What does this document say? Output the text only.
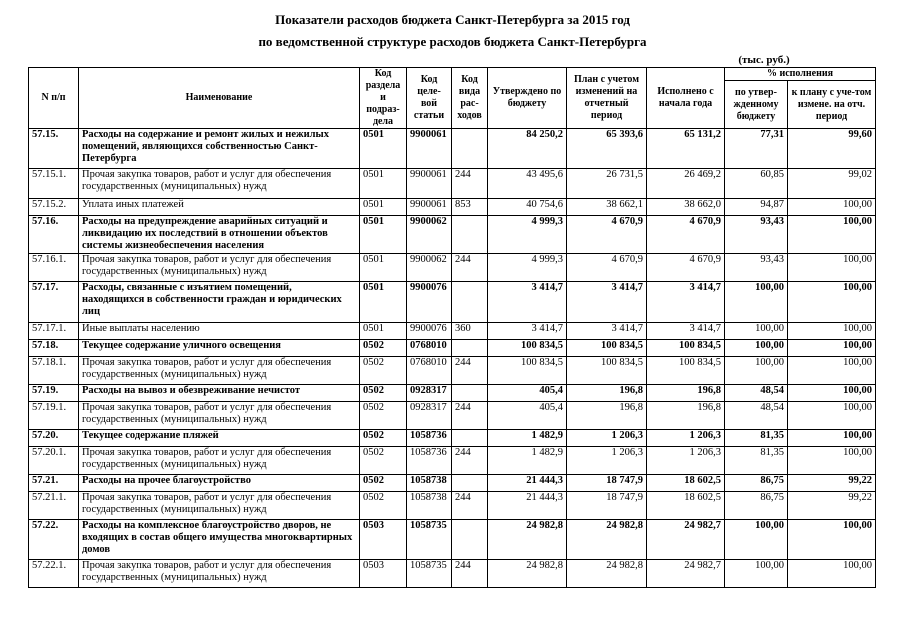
Показатели расходов бюджета Санкт-Петербурга за 2015 год
по ведомственной структуре расходов бюджета Санкт-Петербурга
(тыс. руб.)
N п/п	Наименование	Код раздела и подраз-дела	Код целе-вой статьи	Код вида рас-ходов	Утверждено по бюджету	План с учетом изменений на отчетный период	Исполнено с начала года	% исполнения	
								по утвер-жденному бюджету	к плану с уче-том измене. на отч. период
57.15.	Расходы на содержание и ремонт жилых и нежилых помещений, являющихся собственностью Санкт-Петербурга	0501	9900061		84 250,2	65 393,6	65 131,2	77,31	99,60
57.15.1.	Прочая закупка товаров, работ и услуг для обеспечения государственных (муниципальных) нужд	0501	9900061	244	43 495,6	26 731,5	26 469,2	60,85	99,02
57.15.2.	Уплата иных платежей	0501	9900061	853	40 754,6	38 662,1	38 662,0	94,87	100,00
57.16.	Расходы на предупреждение аварийных ситуаций и ликвидацию их последствий в отношении объектов системы жизнеобеспечения населения	0501	9900062		4 999,3	4 670,9	4 670,9	93,43	100,00
57.16.1.	Прочая закупка товаров, работ и услуг для обеспечения государственных (муниципальных) нужд	0501	9900062	244	4 999,3	4 670,9	4 670,9	93,43	100,00
57.17.	Расходы, связанные с изъятием помещений, находящихся в собственности граждан и юридических лиц	0501	9900076		3 414,7	3 414,7	3 414,7	100,00	100,00
57.17.1.	Иные выплаты населению	0501	9900076	360	3 414,7	3 414,7	3 414,7	100,00	100,00
57.18.	Текущее содержание уличного освещения	0502	0768010		100 834,5	100 834,5	100 834,5	100,00	100,00
57.18.1.	Прочая закупка товаров, работ и услуг для обеспечения государственных (муниципальных) нужд	0502	0768010	244	100 834,5	100 834,5	100 834,5	100,00	100,00
57.19.	Расходы на вывоз и обезвреживание нечистот	0502	0928317		405,4	196,8	196,8	48,54	100,00
57.19.1.	Прочая закупка товаров, работ и услуг для обеспечения государственных (муниципальных) нужд	0502	0928317	244	405,4	196,8	196,8	48,54	100,00
57.20.	Текущее содержание пляжей	0502	1058736		1 482,9	1 206,3	1 206,3	81,35	100,00
57.20.1.	Прочая закупка товаров, работ и услуг для обеспечения государственных (муниципальных) нужд	0502	1058736	244	1 482,9	1 206,3	1 206,3	81,35	100,00
57.21.	Расходы на прочее благоустройство	0502	1058738		21 444,3	18 747,9	18 602,5	86,75	99,22
57.21.1.	Прочая закупка товаров, работ и услуг для обеспечения государственных (муниципальных) нужд	0502	1058738	244	21 444,3	18 747,9	18 602,5	86,75	99,22
57.22.	Расходы на комплексное благоустройство дворов, не входящих в состав общего имущества многоквартирных домов	0503	1058735		24 982,8	24 982,8	24 982,7	100,00	100,00
57.22.1.	Прочая закупка товаров, работ и услуг для обеспечения государственных (муниципальных) нужд	0503	1058735	244	24 982,8	24 982,8	24 982,7	100,00	100,00
